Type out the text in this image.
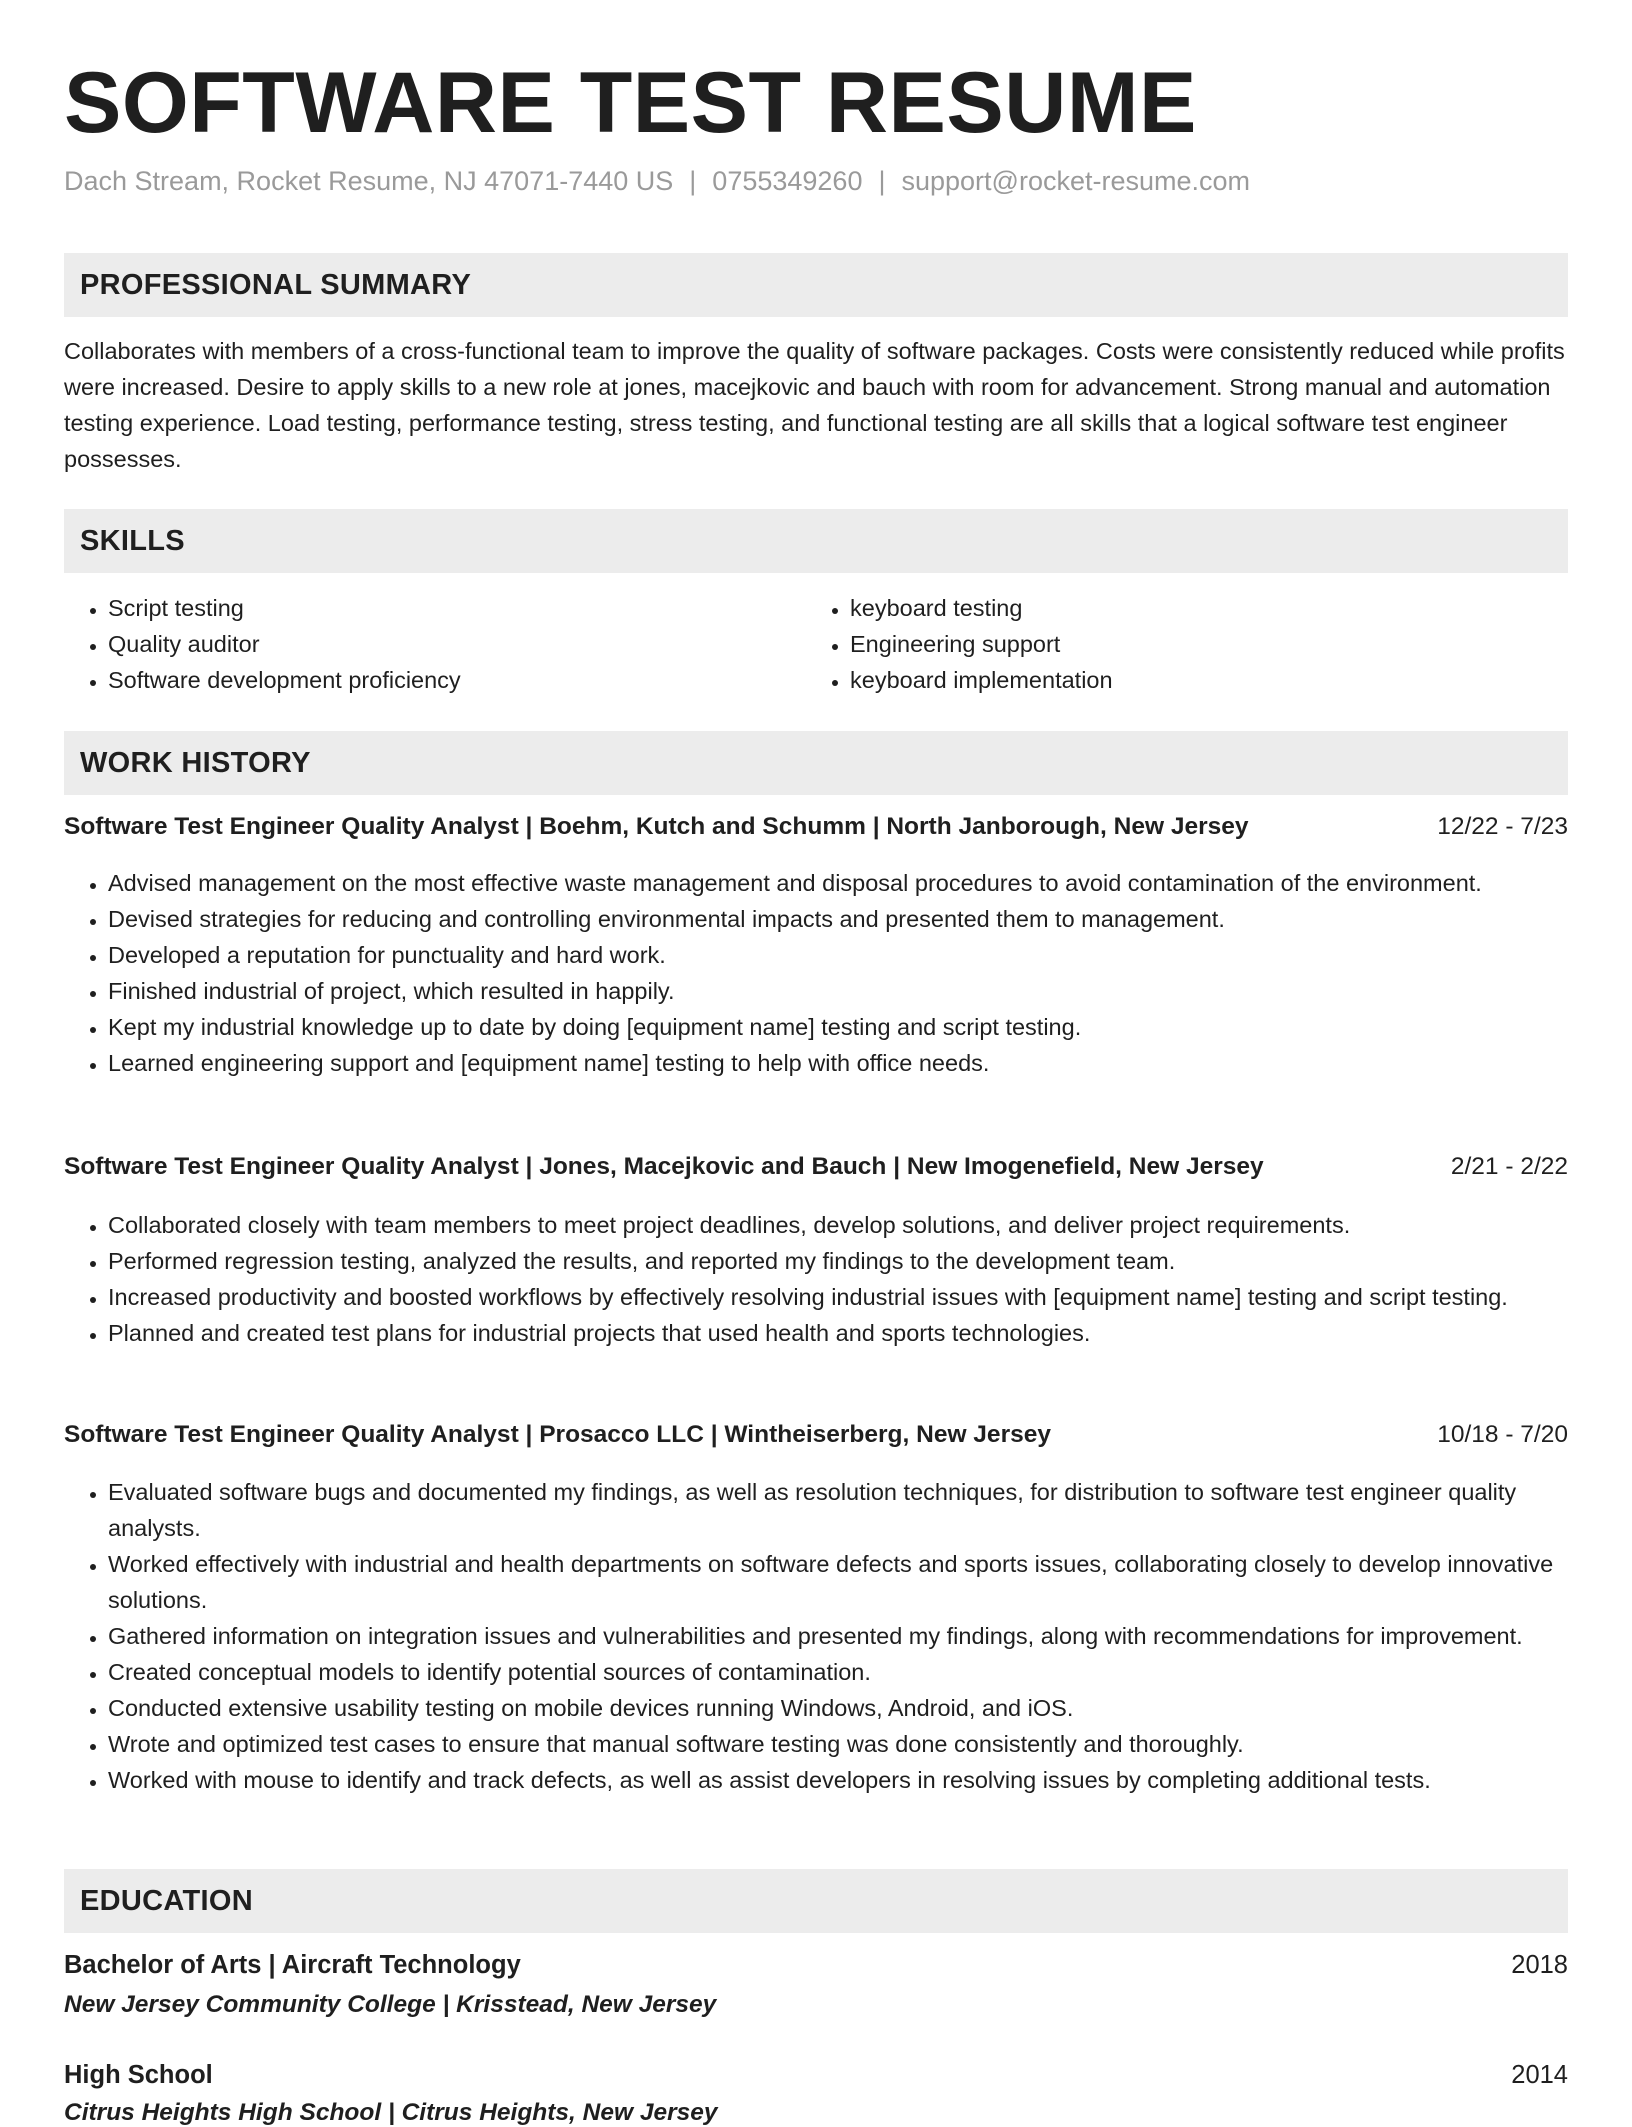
SOFTWARE TEST RESUME
Dach Stream, Rocket Resume, NJ 47071-7440 US | 0755349260 | support@rocket-resume.com
PROFESSIONAL SUMMARY

Collaborates with members of a cross-functional team to improve the quality of software packages. Costs were consistently reduced while profits were increased. Desire to apply skills to a new role at jones, macejkovic and bauch with room for advancement. Strong manual and automation testing experience. Load testing, performance testing, stress testing, and functional testing are all skills that a logical software test engineer possesses.

SKILLS
• Script testing
• Quality auditor
• Software development proficiency
• keyboard testing
• Engineering support
• keyboard implementation
WORK HISTORY
Software Test Engineer Quality Analyst | Boehm, Kutch and Schumm | North Janborough, New Jersey	12/22 - 7/23
• Advised management on the most effective waste management and disposal procedures to avoid contamination of the environment.
• Devised strategies for reducing and controlling environmental impacts and presented them to management.
• Developed a reputation for punctuality and hard work.
• Finished industrial of project, which resulted in happily.
• Kept my industrial knowledge up to date by doing [equipment name] testing and script testing.
• Learned engineering support and [equipment name] testing to help with office needs.
Software Test Engineer Quality Analyst | Jones, Macejkovic and Bauch | New Imogenefield, New Jersey	2/21 - 2/22
• Collaborated closely with team members to meet project deadlines, develop solutions, and deliver project requirements.
• Performed regression testing, analyzed the results, and reported my findings to the development team.
• Increased productivity and boosted workflows by effectively resolving industrial issues with [equipment name] testing and script testing.
• Planned and created test plans for industrial projects that used health and sports technologies.
Software Test Engineer Quality Analyst | Prosacco LLC | Wintheiserberg, New Jersey	10/18 - 7/20
• Evaluated software bugs and documented my findings, as well as resolution techniques, for distribution to software test engineer quality analysts.
• Worked effectively with industrial and health departments on software defects and sports issues, collaborating closely to develop innovative solutions.
• Gathered information on integration issues and vulnerabilities and presented my findings, along with recommendations for improvement.
• Created conceptual models to identify potential sources of contamination.
• Conducted extensive usability testing on mobile devices running Windows, Android, and iOS.
• Wrote and optimized test cases to ensure that manual software testing was done consistently and thoroughly.
• Worked with mouse to identify and track defects, as well as assist developers in resolving issues by completing additional tests.
EDUCATION
Bachelor of Arts | Aircraft Technology	2018
New Jersey Community College | Krisstead, New Jersey
High School	2014
Citrus Heights High School | Citrus Heights, New Jersey
